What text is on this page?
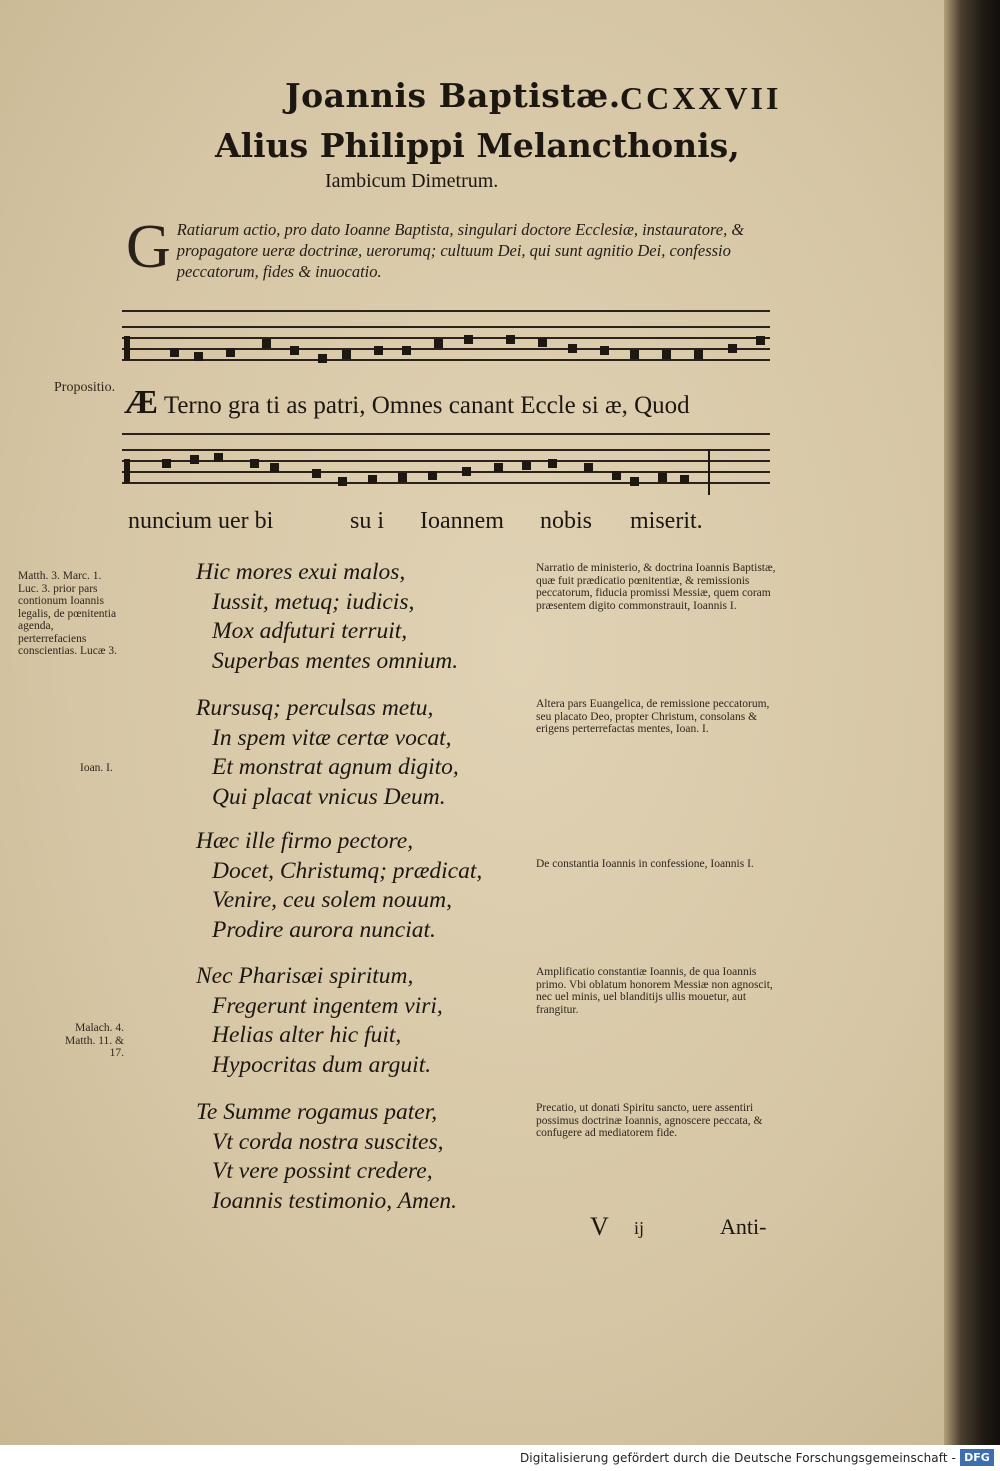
Joannis Baptistæ. CCXXVII
Alius Philippi Melancthonis,
Iambicum Dimetrum.
G Ratiarum actio, pro dato Ioanne Baptista, singulari doctore Ecclesiæ, instauratore, & propagatore ueræ doctrinæ, uerorumq; cultuum Dei, qui sunt agnitio Dei, confessio peccatorum, fides & inuocatio.
Propositio. Æ Terno gra ti as patri, Omnes canant Eccle si æ, Quod
nuncium uer bi	su i Ioannem nobis miserit.
Matth. 3. Marc. 1. Luc. 3. prior pars contionum Ioannis legalis, de pœnitentia agenda, perterrefaciens conscientias. Lucæ 3.
Ioan. I.
Malach. 4. Matth. 11. & 17.
Hic mores exui malos,
Iussit, metuq; iudicis,
Mox adfuturi terruit,
Superbas mentes omnium.
Narratio de ministerio, & doctrina Ioannis Baptistæ, quæ fuit prædicatio pœnitentiæ, & remissionis peccatorum, fiducia promissi Messiæ, quem coram præsentem digito commonstrauit, Ioannis I.
Rursusq; perculsas metu,
In spem vitæ certæ vocat,
Et monstrat agnum digito,
Qui placat vnicus Deum.
Altera pars Euangelica, de remissione peccatorum, seu placato Deo, propter Christum, consolans & erigens perterrefactas mentes, Ioan. I.
Hæc ille firmo pectore,
Docet, Christumq; prædicat,
Venire, ceu solem nouum,
Prodire aurora nunciat.
De constantia Ioannis in confessione, Ioannis I.
Nec Pharisæi spiritum,
Fregerunt ingentem viri,
Helias alter hic fuit,
Hypocritas dum arguit.
Amplificatio constantiæ Ioannis, de qua Ioannis primo. Vbi oblatum honorem Messiæ non agnoscit, nec uel minis, uel blanditijs ullis mouetur, aut frangitur.
Te Summe rogamus pater,
Vt corda nostra suscites,
Vt vere possint credere,
Ioannis testimonio, Amen.
Precatio, ut donati Spiritu sancto, uere assentiri possimus doctrinæ Ioannis, agnoscere peccata, & confugere ad mediatorem fide.
V ij	Anti-
Digitalisierung gefördert durch die Deutsche Forschungsgemeinschaft - DFG
